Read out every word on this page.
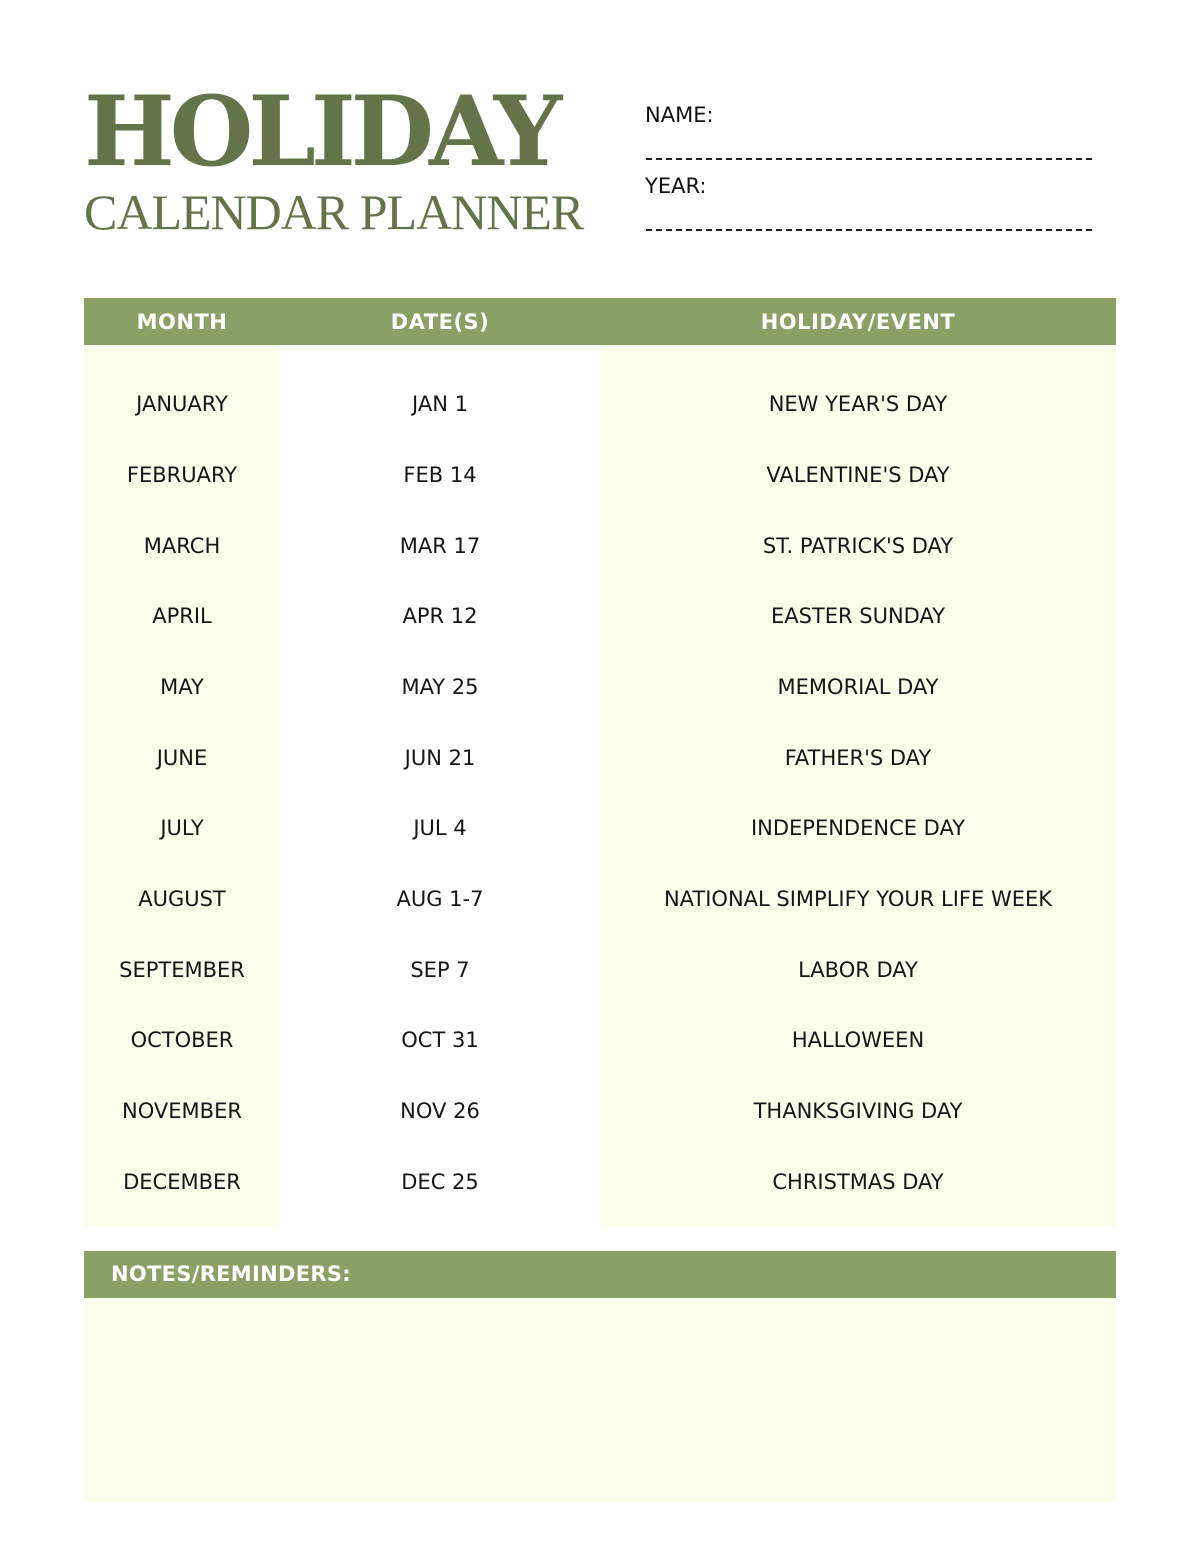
HOLIDAY
CALENDAR PLANNER
NAME:
YEAR:
MONTH	DATE(S)	HOLIDAY/EVENT
JANUARY	JAN 1	NEW YEAR'S DAY
FEBRUARY	FEB 14	VALENTINE'S DAY
MARCH	MAR 17	ST. PATRICK'S DAY
APRIL	APR 12	EASTER SUNDAY
MAY	MAY 25	MEMORIAL DAY
JUNE	JUN 21	FATHER'S DAY
JULY	JUL 4	INDEPENDENCE DAY
AUGUST	AUG 1-7	NATIONAL SIMPLIFY YOUR LIFE WEEK
SEPTEMBER	SEP 7	LABOR DAY
OCTOBER	OCT 31	HALLOWEEN
NOVEMBER	NOV 26	THANKSGIVING DAY
DECEMBER	DEC 25	CHRISTMAS DAY
NOTES/REMINDERS:
